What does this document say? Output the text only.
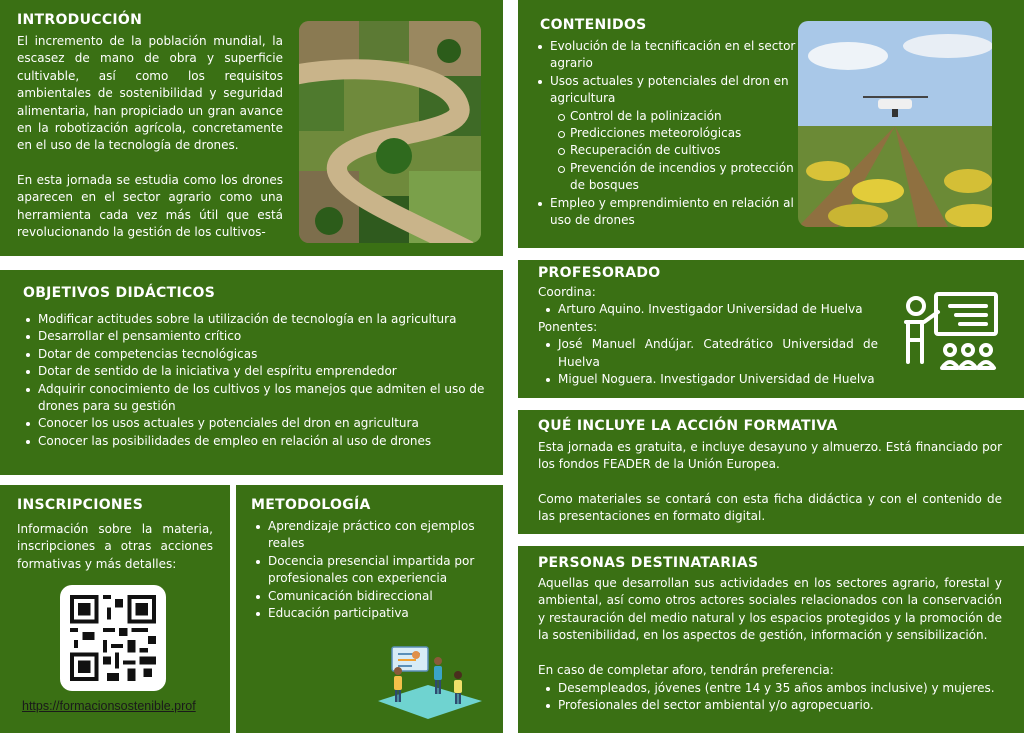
INTRODUCCIÓN
El incremento de la población mundial, la escasez de mano de obra y superficie cultivable, así como los requisitos ambientales de sostenibilidad y seguridad alimentaria, han propiciado un gran avance en la robotización agrícola, concretamente en el uso de la tecnología de drones.
En esta jornada se estudia como los drones aparecen en el sector agrario como una herramienta cada vez más útil que está revolucionando la gestión de los cultivos-
CONTENIDOS
Evolución de la tecnificación en el sector agrario
Usos actuales y potenciales del dron en agricultura
Control de la polinización
Predicciones meteorológicas
Recuperación de cultivos
Prevención de incendios y protección de bosques
Empleo y emprendimiento en relación al uso de drones
OBJETIVOS DIDÁCTICOS
Modificar actitudes sobre la utilización de tecnología en la agricultura
Desarrollar el pensamiento crítico
Dotar de competencias tecnológicas
Dotar de sentido de la iniciativa y del espíritu emprendedor
Adquirir conocimiento de los cultivos y los manejos que admiten el uso de drones para su gestión
Conocer los usos actuales y potenciales del dron en agricultura
Conocer las posibilidades de empleo en relación al uso de drones
PROFESORADO
Coordina:
Arturo Aquino. Investigador Universidad de Huelva
Ponentes:
José Manuel Andújar. Catedrático Universidad de Huelva
Miguel Noguera. Investigador Universidad de Huelva
QUÉ INCLUYE LA ACCIÓN FORMATIVA
Esta jornada es gratuita, e incluye desayuno y almuerzo. Está financiado por los fondos FEADER de la Unión Europea.
Como materiales se contará con esta ficha didáctica y con el contenido de las presentaciones en formato digital.
INSCRIPCIONES
Información sobre la materia, inscripciones a otras acciones formativas y más detalles:
https://formacionsostenible.prof
METODOLOGÍA
Aprendizaje práctico con ejemplos reales
Docencia presencial impartida por profesionales con experiencia
Comunicación bidireccional
Educación participativa
PERSONAS DESTINATARIAS
Aquellas que desarrollan sus actividades en los sectores agrario, forestal y ambiental, así como otros actores sociales relacionados con la conservación y restauración del medio natural y los espacios protegidos y la promoción de la sostenibilidad, en los aspectos de gestión, información y sensibilización.
En caso de completar aforo, tendrán preferencia:
Desempleados, jóvenes (entre 14 y 35 años ambos inclusive) y mujeres.
Profesionales del sector ambiental y/o agropecuario.
